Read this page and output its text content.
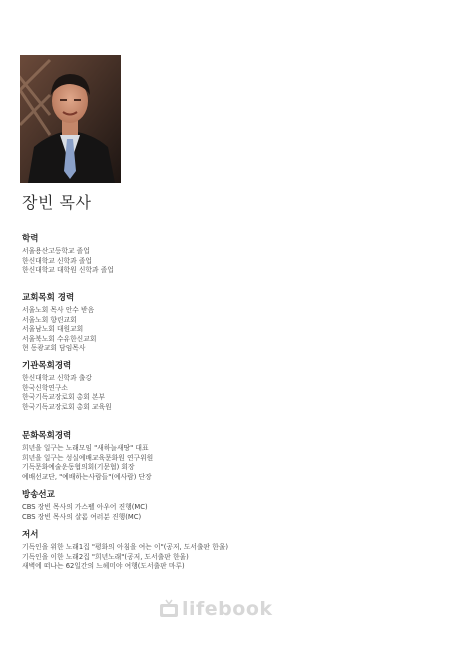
장빈 목사
학력
서울용산고등학교 졸업
한신대학교 신학과 졸업
한신대학교 대학원 신학과 졸업
교회목회 경력
서울노회 목사 안수 받음
서울노회 향린교회
서울남노회 대원교회
서울북노회 수유한신교회
현 동광교회 담임목사
기관목회경력
한신대학교 신학과 출강
한국신학연구소
한국기독교장로회 총회 본부
한국기독교장로회 총회 교육원
문화목회경력
희년을 일구는 노래모임 "새하늘새땅" 대표
희년을 일구는 성실예배교육문화원 연구위원
기독문화예술운동협의회(기문협) 회장
예배선교단, "예배하는사람들"(예사람) 단장
방송선교
CBS 장빈 목사의 가스펠 아우어 진행(MC)
CBS 장빈 목사의 샬롬 여러분 진행(MC)
저서
기독인을 위한 노래1집 "평화의 아침을 여는 이"(공저, 도서출판 한울)
기독인을 이한 노래2집 "희년노래"(공저, 도서출판 한울)
새벽에 떠나는 62일간의 느헤미야 여행(도서출판 마루)
lifebook
